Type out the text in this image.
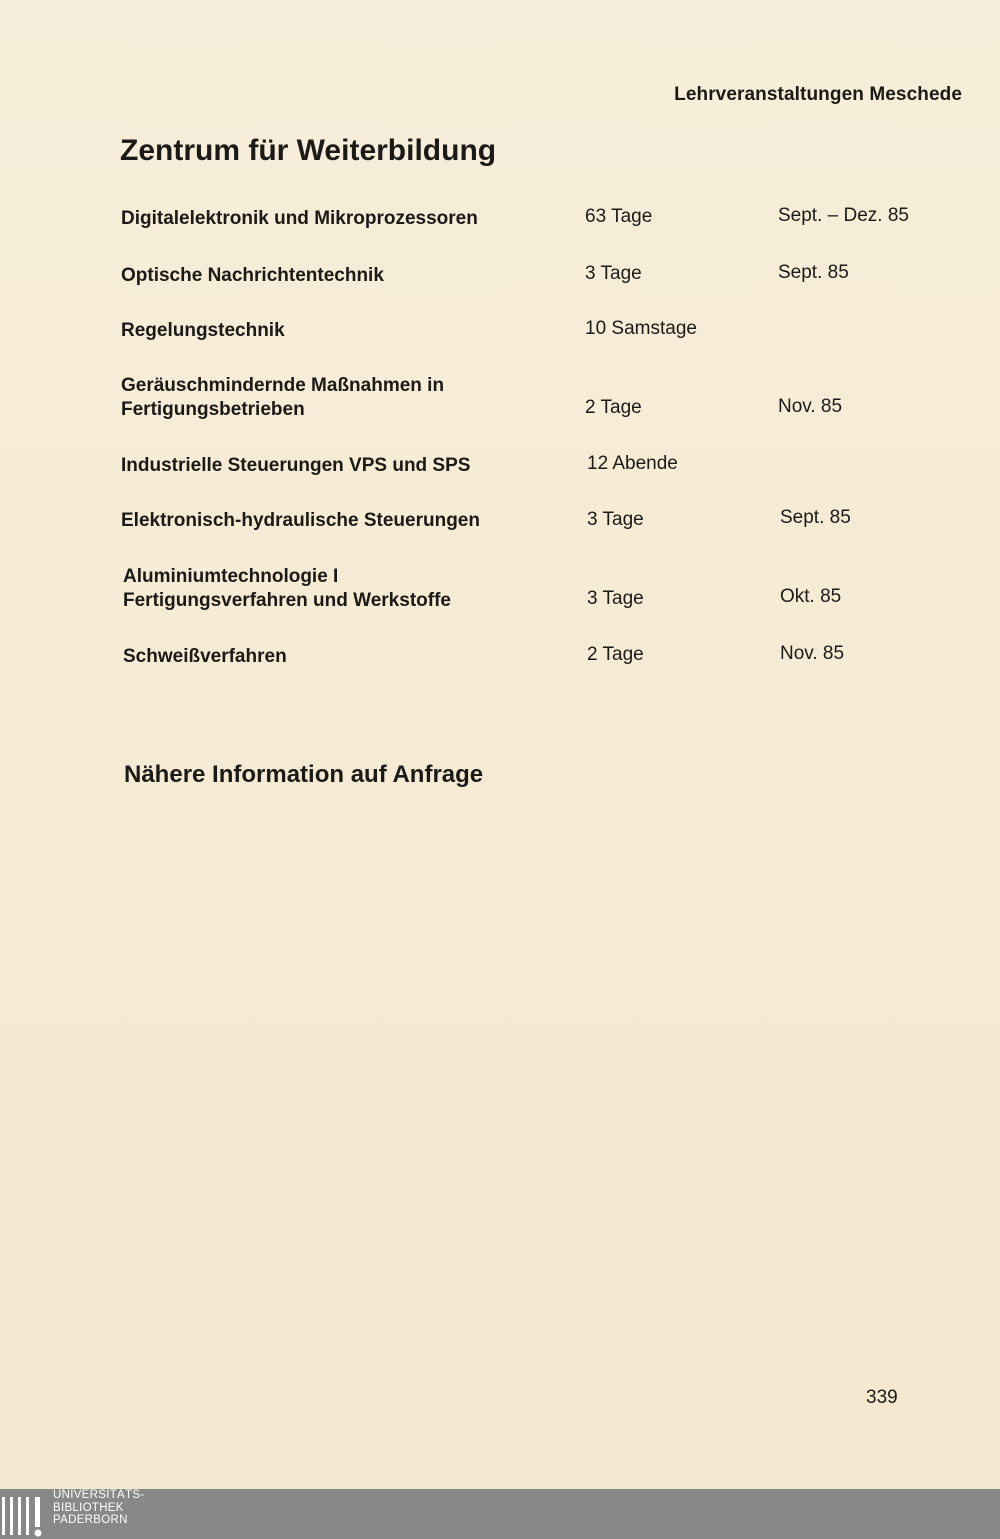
Lehrveranstaltungen Meschede
Zentrum für Weiterbildung
Digitalelektronik und Mikroprozessoren	63 Tage	Sept. – Dez. 85
Optische Nachrichtentechnik	3 Tage	Sept. 85
Regelungstechnik	10 Samstage
Geräuschmindernde Maßnahmen in
Fertigungsbetrieben	2 Tage	Nov. 85
Industrielle Steuerungen VPS und SPS	12 Abende
Elektronisch-hydraulische Steuerungen	3 Tage	Sept. 85
Aluminiumtechnologie I
Fertigungsverfahren und Werkstoffe	3 Tage	Okt. 85
Schweißverfahren	2 Tage	Nov. 85
Nähere Information auf Anfrage
339
UNIVERSITÄTS-
BIBLIOTHEK
PADERBORN
